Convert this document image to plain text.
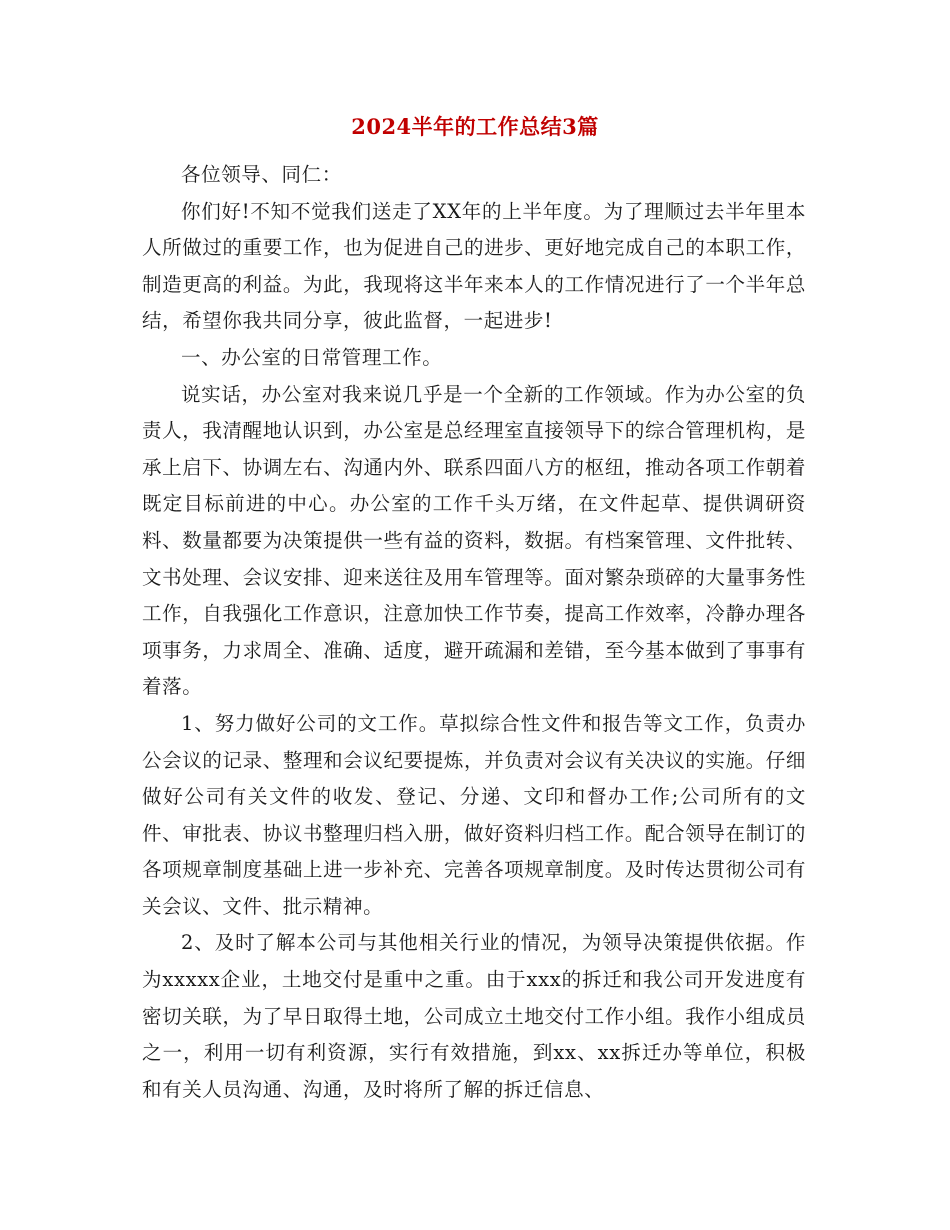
2024半年的工作总结3篇

各位领导、同仁：

你们好!不知不觉我们送走了XX年的上半年度。为了理顺过去半年里本人所做过的重要工作，也为促进自己的进步、更好地完成自己的本职工作，制造更高的利益。为此，我现将这半年来本人的工作情况进行了一个半年总结，希望你我共同分享，彼此监督，一起进步!

一、办公室的日常管理工作。

说实话，办公室对我来说几乎是一个全新的工作领域。作为办公室的负责人，我清醒地认识到，办公室是总经理室直接领导下的综合管理机构，是承上启下、协调左右、沟通内外、联系四面八方的枢纽，推动各项工作朝着既定目标前进的中心。办公室的工作千头万绪，在文件起草、提供调研资料、数量都要为决策提供一些有益的资料，数据。有档案管理、文件批转、文书处理、会议安排、迎来送往及用车管理等。面对繁杂琐碎的大量事务性工作，自我强化工作意识，注意加快工作节奏，提高工作效率，冷静办理各项事务，力求周全、准确、适度，避开疏漏和差错，至今基本做到了事事有着落。

1、努力做好公司的文工作。草拟综合性文件和报告等文工作，负责办公会议的记录、整理和会议纪要提炼，并负责对会议有关决议的实施。仔细做好公司有关文件的收发、登记、分递、文印和督办工作;公司所有的文件、审批表、协议书整理归档入册，做好资料归档工作。配合领导在制订的各项规章制度基础上进一步补充、完善各项规章制度。及时传达贯彻公司有关会议、文件、批示精神。

2、及时了解本公司与其他相关行业的情况，为领导决策提供依据。作为xxxxx企业，土地交付是重中之重。由于xxx的拆迁和我公司开发进度有密切关联，为了早日取得土地，公司成立土地交付工作小组。我作小组成员之一，利用一切有利资源，实行有效措施，到xx、xx拆迁办等单位，积极和有关人员沟通、沟通，及时将所了解的拆迁信息、
